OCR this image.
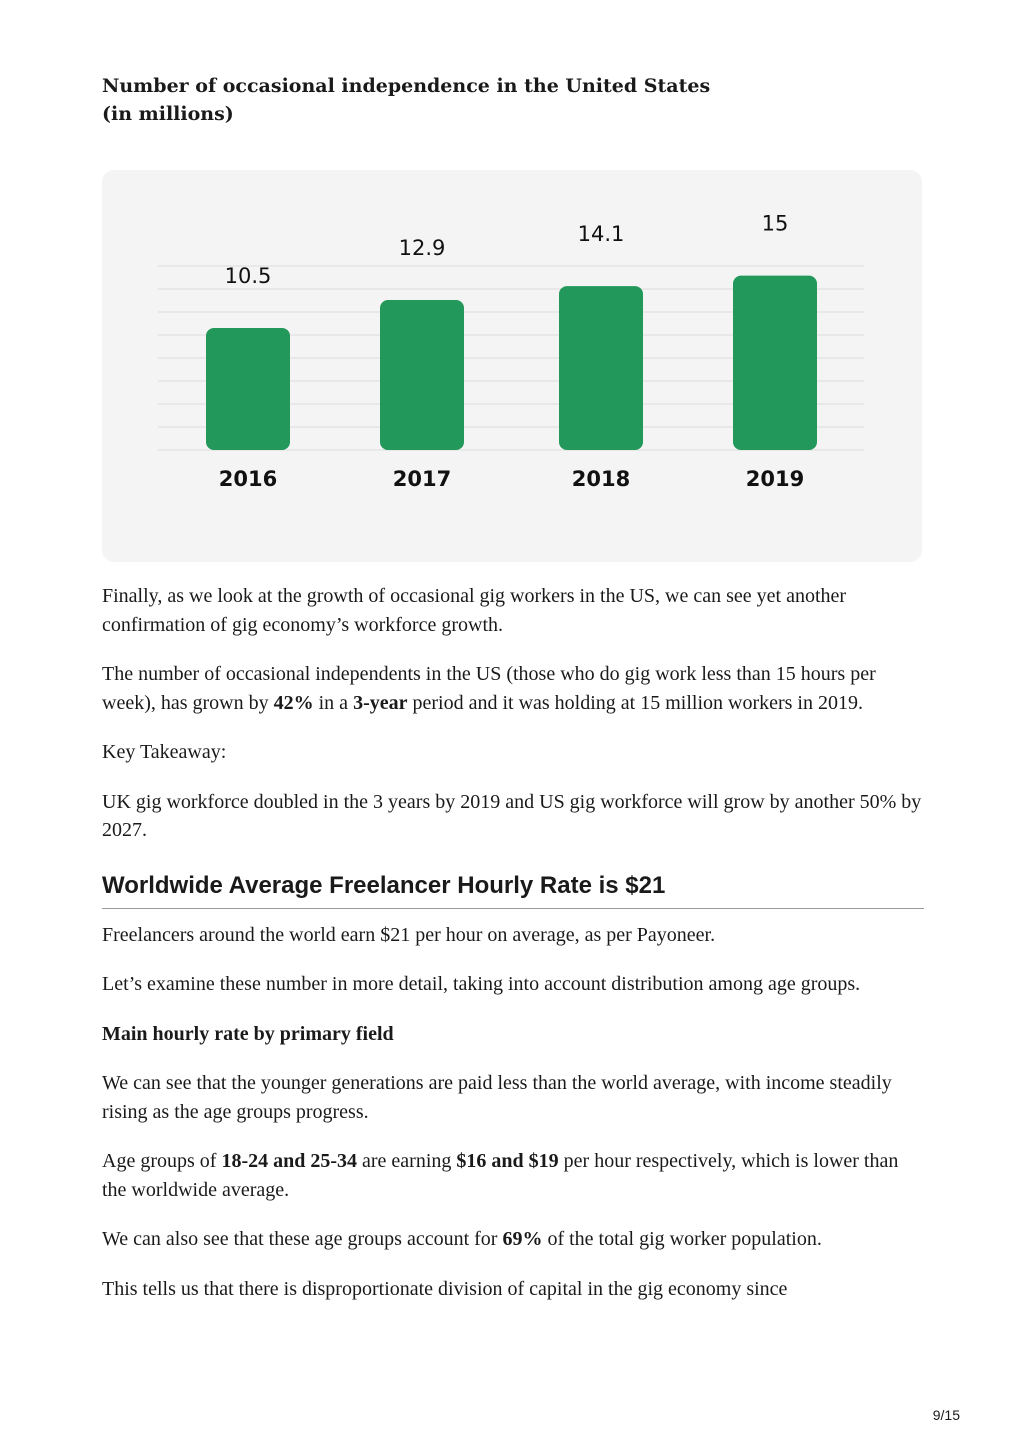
Number of occasional independence in the United States
(in millions)
10.5
2016
12.9
2017
14.1
2018
15
2019

Finally, as we look at the growth of occasional gig workers in the US, we can see yet another confirmation of gig economy’s workforce growth.

The number of occasional independents in the US (those who do gig work less than 15 hours per week), has grown by 42% in a 3-year period and it was holding at 15 million workers in 2019.

Key Takeaway:

UK gig workforce doubled in the 3 years by 2019 and US gig workforce will grow by another 50% by 2027.

Worldwide Average Freelancer Hourly Rate is $21

Freelancers around the world earn $21 per hour on average, as per Payoneer.

Let’s examine these number in more detail, taking into account distribution among age groups.

Main hourly rate by primary field

We can see that the younger generations are paid less than the world average, with income steadily rising as the age groups progress.

Age groups of 18-24 and 25-34 are earning $16 and $19 per hour respectively, which is lower than the worldwide average.

We can also see that these age groups account for 69% of the total gig worker population.

This tells us that there is disproportionate division of capital in the gig economy since

9/15
